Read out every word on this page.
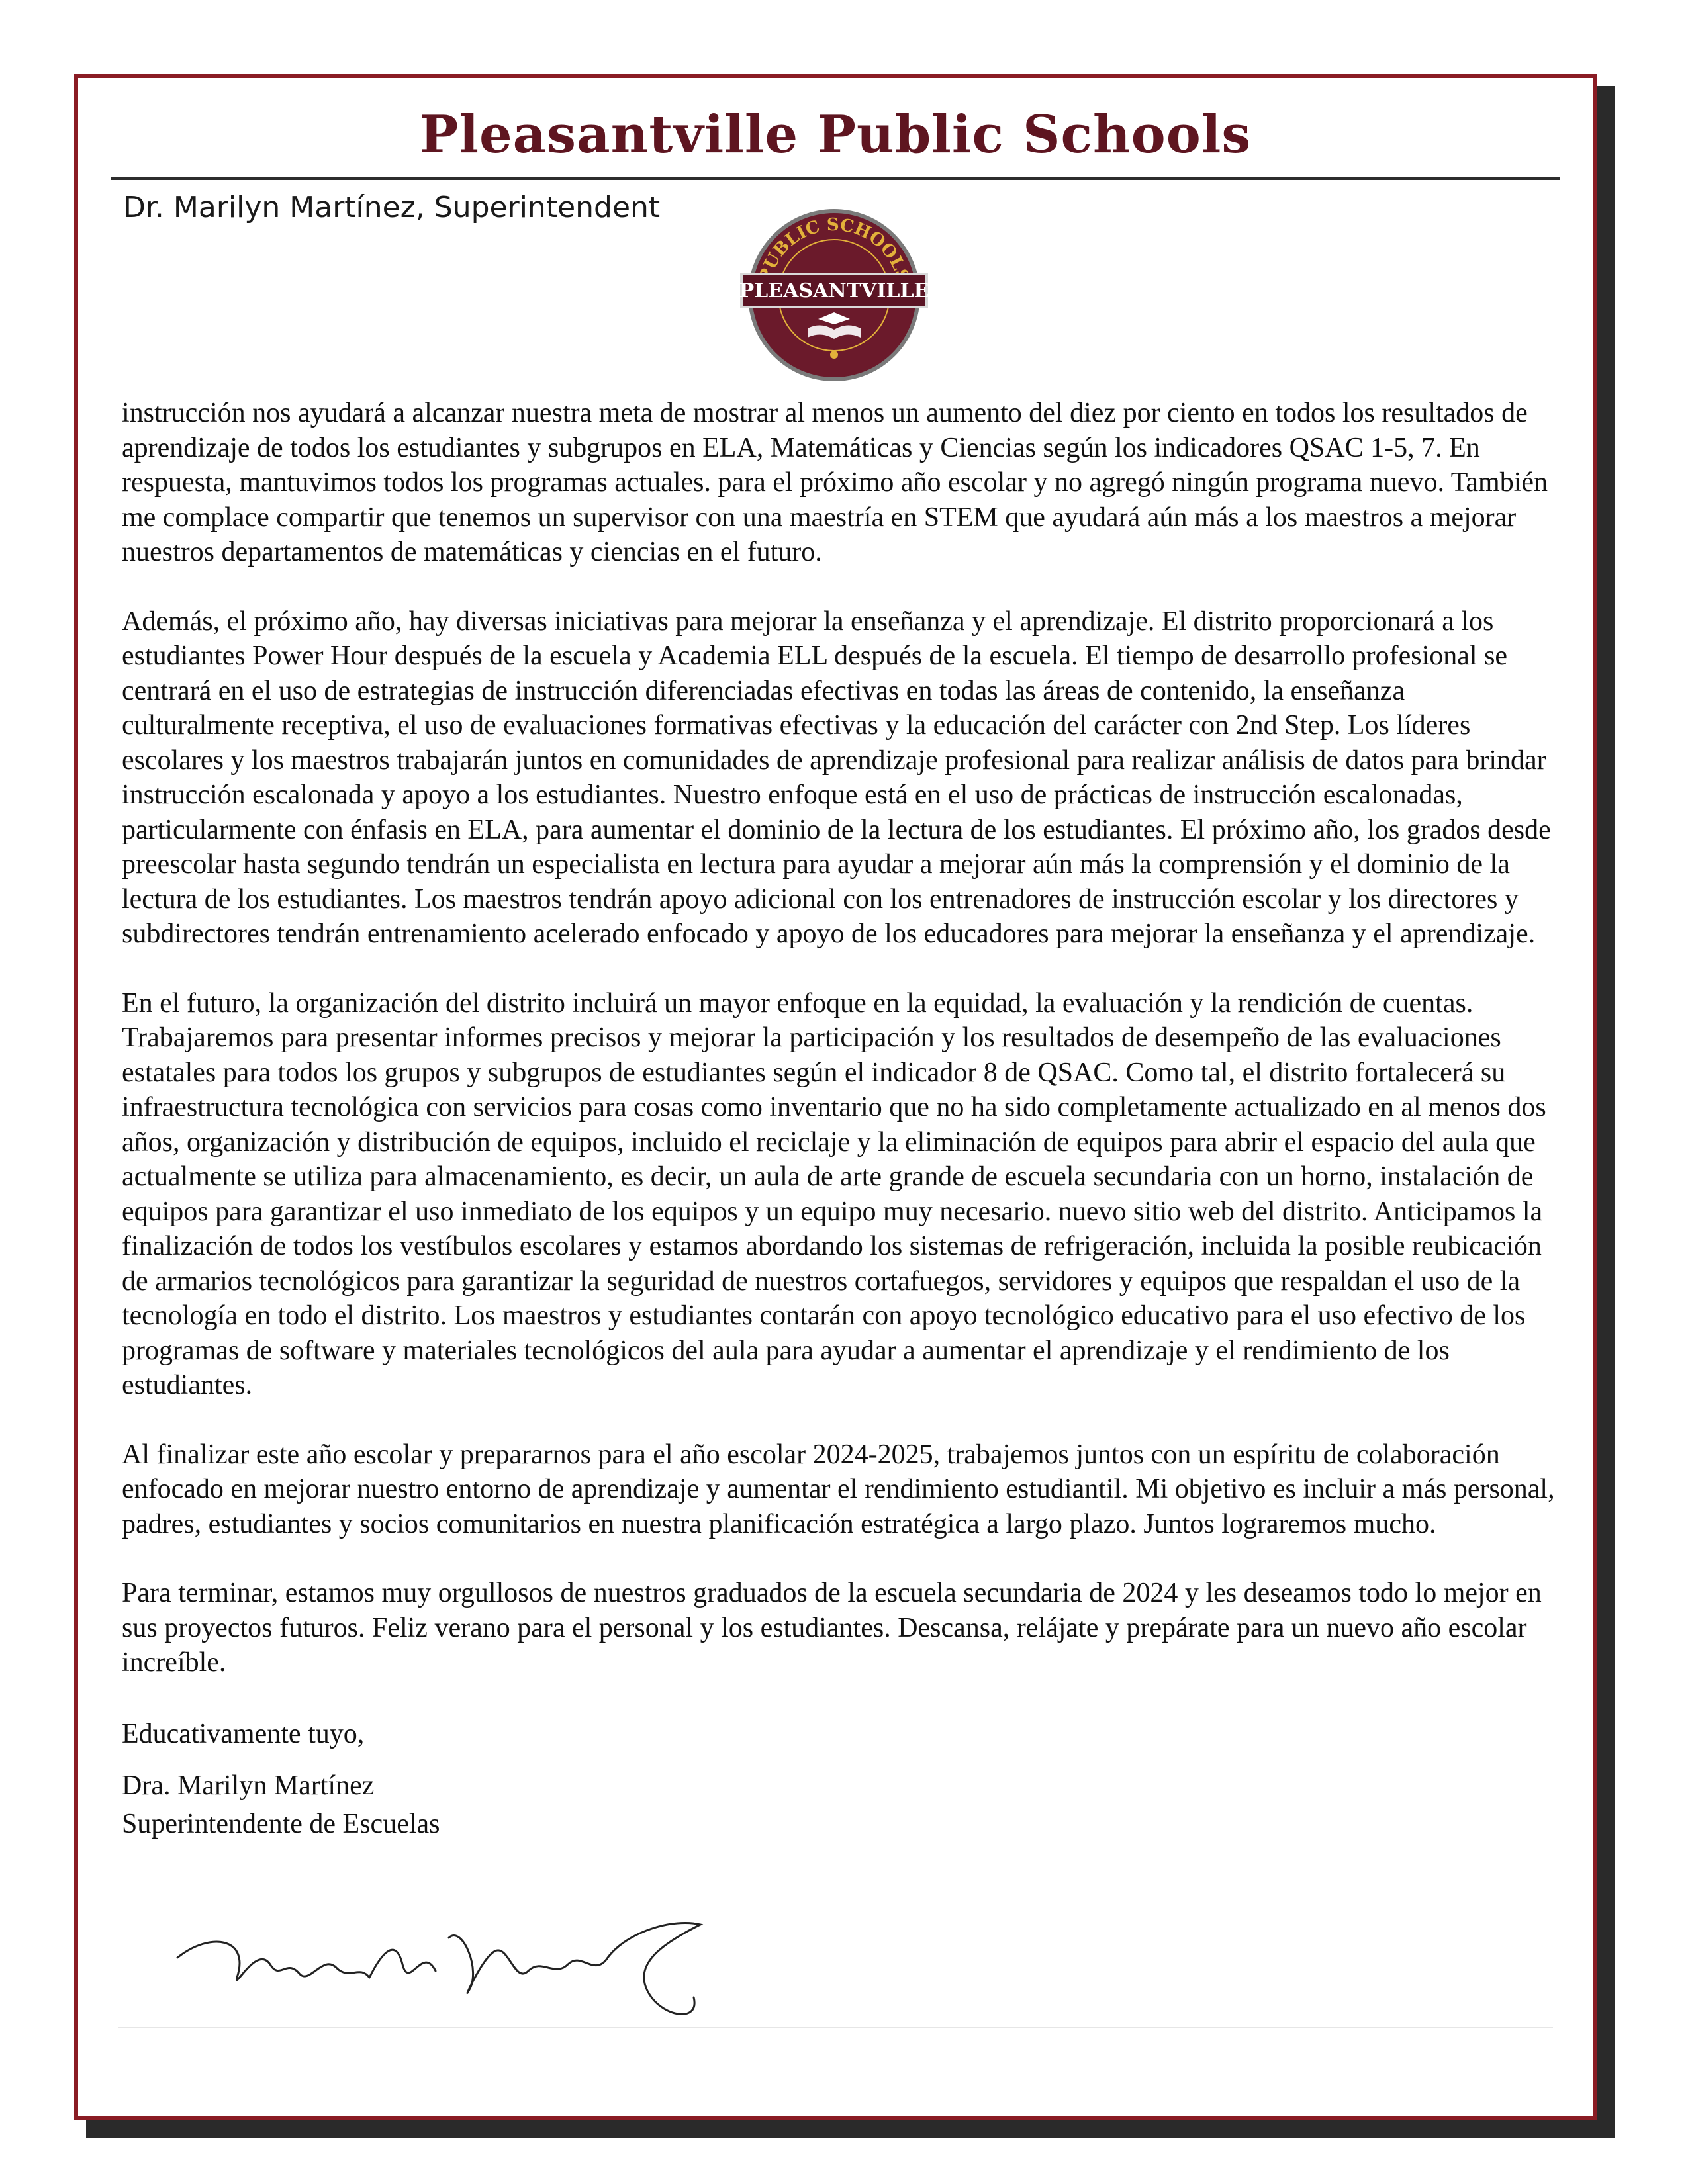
Pleasantville Public Schools
Dr. Marilyn Martínez, Superintendent
UBLIC SCHOOL
PLEASANTVILLE

instrucción nos ayudará a alcanzar nuestra meta de mostrar al menos un aumento del diez por ciento en todos los resultados de aprendizaje de todos los estudiantes y subgrupos en ELA, Matemáticas y Ciencias según los indicadores QSAC 1-5, 7. En respuesta, mantuvimos todos los programas actuales. para el próximo año escolar y no agregó ningún programa nuevo. También me complace compartir que tenemos un supervisor con una maestría en STEM que ayudará aún más a los maestros a mejorar nuestros departamentos de matemáticas y ciencias en el futuro.

Además, el próximo año, hay diversas iniciativas para mejorar la enseñanza y el aprendizaje. El distrito proporcionará a los estudiantes Power Hour después de la escuela y Academia ELL después de la escuela. El tiempo de desarrollo profesional se centrará en el uso de estrategias de instrucción diferenciadas efectivas en todas las áreas de contenido, la enseñanza culturalmente receptiva, el uso de evaluaciones formativas efectivas y la educación del carácter con 2nd Step. Los líderes escolares y los maestros trabajarán juntos en comunidades de aprendizaje profesional para realizar análisis de datos para brindar instrucción escalonada y apoyo a los estudiantes. Nuestro enfoque está en el uso de prácticas de instrucción escalonadas, particularmente con énfasis en ELA, para aumentar el dominio de la lectura de los estudiantes. El próximo año, los grados desde preescolar hasta segundo tendrán un especialista en lectura para ayudar a mejorar aún más la comprensión y el dominio de la lectura de los estudiantes. Los maestros tendrán apoyo adicional con los entrenadores de instrucción escolar y los directores y subdirectores tendrán entrenamiento acelerado enfocado y apoyo de los educadores para mejorar la enseñanza y el aprendizaje.

En el futuro, la organización del distrito incluirá un mayor enfoque en la equidad, la evaluación y la rendición de cuentas. Trabajaremos para presentar informes precisos y mejorar la participación y los resultados de desempeño de las evaluaciones estatales para todos los grupos y subgrupos de estudiantes según el indicador 8 de QSAC. Como tal, el distrito fortalecerá su infraestructura tecnológica con servicios para cosas como inventario que no ha sido completamente actualizado en al menos dos años, organización y distribución de equipos, incluido el reciclaje y la eliminación de equipos para abrir el espacio del aula que actualmente se utiliza para almacenamiento, es decir, un aula de arte grande de escuela secundaria con un horno, instalación de equipos para garantizar el uso inmediato de los equipos y un equipo muy necesario. nuevo sitio web del distrito. Anticipamos la finalización de todos los vestíbulos escolares y estamos abordando los sistemas de refrigeración, incluida la posible reubicación de armarios tecnológicos para garantizar la seguridad de nuestros cortafuegos, servidores y equipos que respaldan el uso de la tecnología en todo el distrito. Los maestros y estudiantes contarán con apoyo tecnológico educativo para el uso efectivo de los programas de software y materiales tecnológicos del aula para ayudar a aumentar el aprendizaje y el rendimiento de los estudiantes.

Al finalizar este año escolar y prepararnos para el año escolar 2024-2025, trabajemos juntos con un espíritu de colaboración enfocado en mejorar nuestro entorno de aprendizaje y aumentar el rendimiento estudiantil. Mi objetivo es incluir a más personal, padres, estudiantes y socios comunitarios en nuestra planificación estratégica a largo plazo. Juntos lograremos mucho.

Para terminar, estamos muy orgullosos de nuestros graduados de la escuela secundaria de 2024 y les deseamos todo lo mejor en sus proyectos futuros. Feliz verano para el personal y los estudiantes. Descansa, relájate y prepárate para un nuevo año escolar increíble.

Educativamente tuyo,
Dra. Marilyn Martínez
Superintendente de Escuelas
